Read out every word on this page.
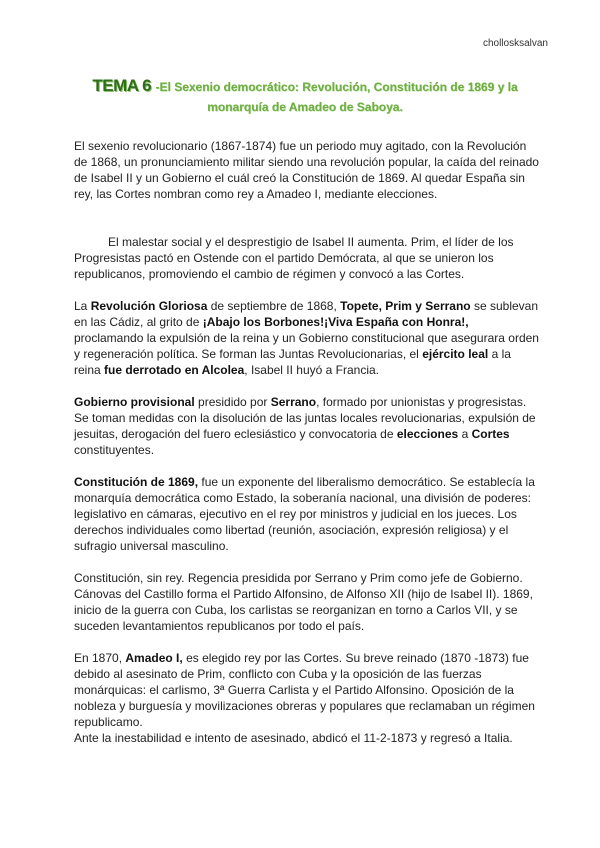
chollosksalvan
TEMA 6 -El Sexenio democrático: Revolución, Constitución de 1869 y la monarquía de Amadeo de Saboya.

El sexenio revolucionario (1867-1874) fue un periodo muy agitado, con la Revolución de 1868, un pronunciamiento militar siendo una revolución popular, la caída del reinado de Isabel II y un Gobierno el cuál creó la Constitución de 1869. Al quedar España sin rey, las Cortes nombran como rey a Amadeo I, mediante elecciones.

El malestar social y el desprestigio de Isabel II aumenta. Prim, el líder de los Progresistas pactó en Ostende con el partido Demócrata, al que se unieron los republicanos, promoviendo el cambio de régimen y convocó a las Cortes.

La Revolución Gloriosa de septiembre de 1868, Topete, Prim y Serrano se sublevan en las Cádiz, al grito de ¡Abajo los Borbones!¡Viva España con Honra!, proclamando la expulsión de la reina y un Gobierno constitucional que asegurara orden y regeneración política. Se forman las Juntas Revolucionarias, el ejército leal a la reina fue derrotado en Alcolea, Isabel II huyó a Francia.

Gobierno provisional presidido por Serrano, formado por unionistas y progresistas. Se toman medidas con la disolución de las juntas locales revolucionarias, expulsión de jesuitas, derogación del fuero eclesiástico y convocatoria de elecciones a Cortes constituyentes.

Constitución de 1869, fue un exponente del liberalismo democrático. Se establecía la monarquía democrática como Estado, la soberanía nacional, una división de poderes: legislativo en cámaras, ejecutivo en el rey por ministros y judicial en los jueces. Los derechos individuales como libertad (reunión, asociación, expresión religiosa) y el sufragio universal masculino.

Constitución, sin rey. Regencia presidida por Serrano y Prim como jefe de Gobierno. Cánovas del Castillo forma el Partido Alfonsino, de Alfonso XII (hijo de Isabel II). 1869, inicio de la guerra con Cuba, los carlistas se reorganizan en torno a Carlos VII, y se suceden levantamientos republicanos por todo el país.

En 1870, Amadeo I, es elegido rey por las Cortes. Su breve reinado (1870 -1873) fue debido al asesinato de Prim, conflicto con Cuba y la oposición de las fuerzas monárquicas: el carlismo, 3ª Guerra Carlista y el Partido Alfonsino. Oposición de la nobleza y burguesía y movilizaciones obreras y populares que reclamaban un régimen republicamo.

Ante la inestabilidad e intento de asesinado, abdicó el 11-2-1873 y regresó a Italia.
